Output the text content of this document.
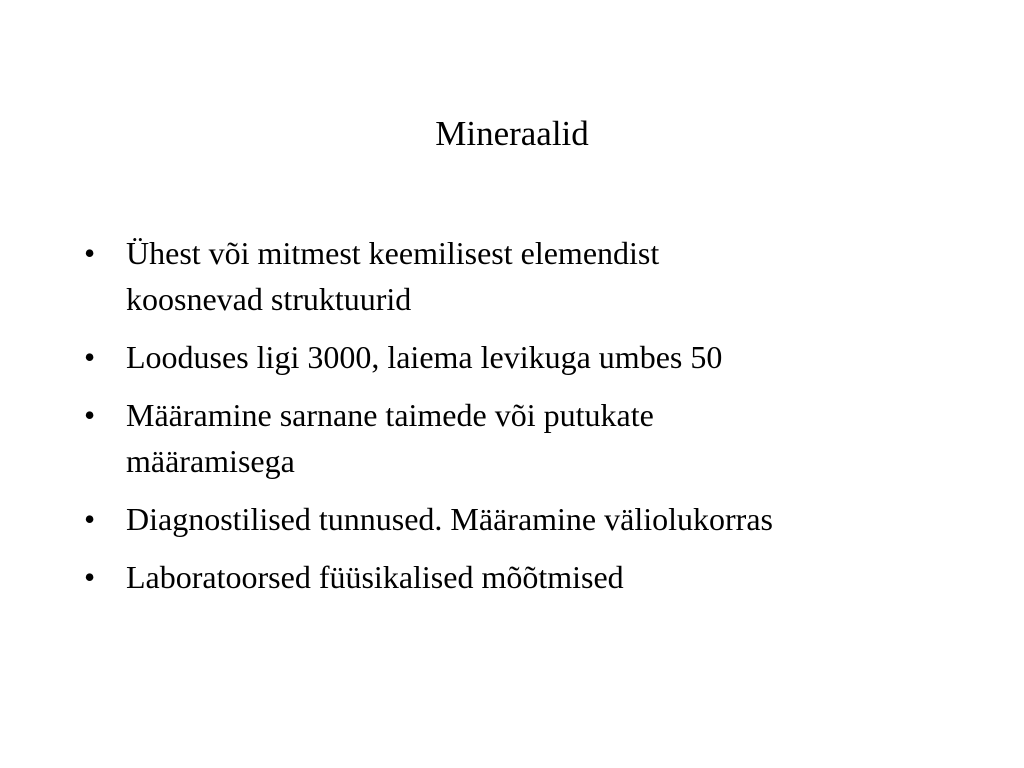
Mineraalid
• Ühest või mitmest keemilisest elemendist
koosnevad struktuurid
• Looduses ligi 3000, laiema levikuga umbes 50
• Määramine sarnane taimede või putukate
määramisega
• Diagnostilised tunnused. Määramine väliolukorras
• Laboratoorsed füüsikalised mõõtmised
